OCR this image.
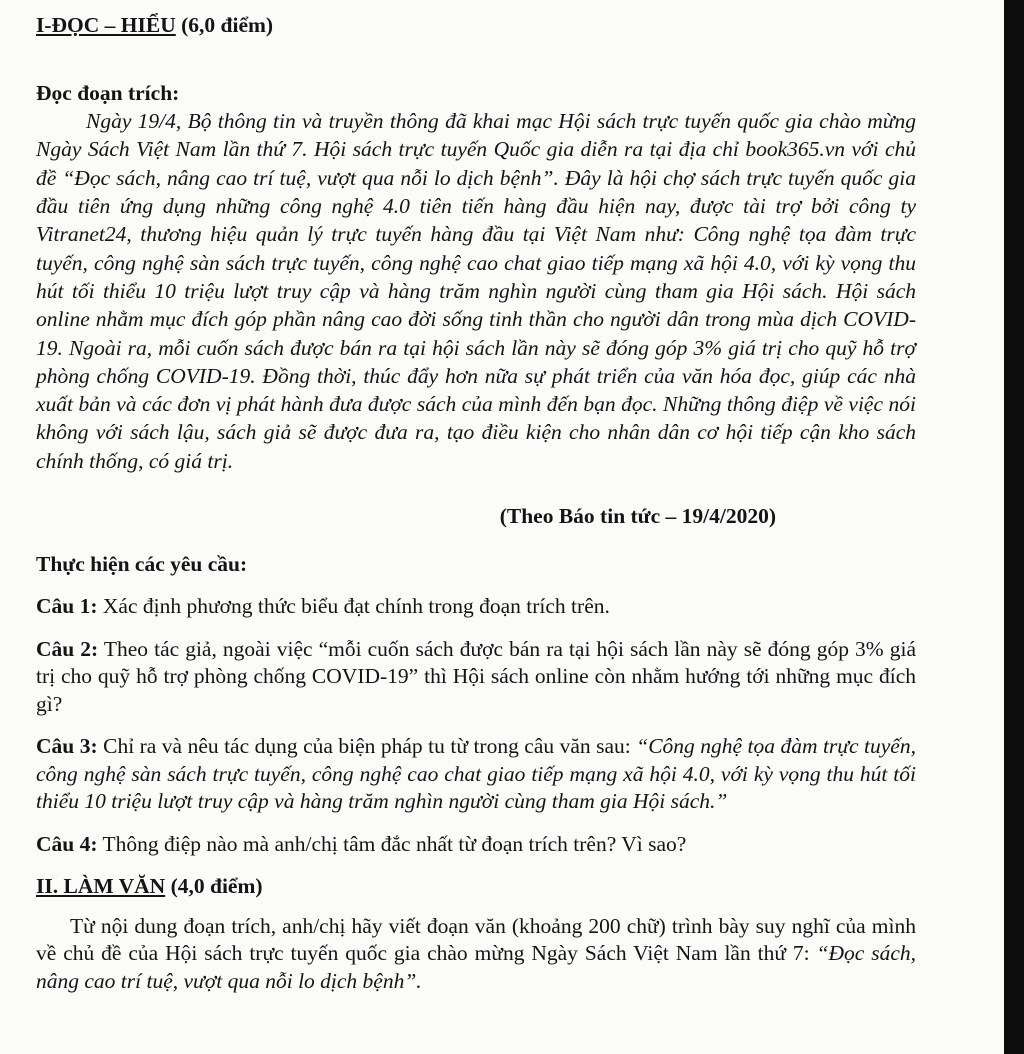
I-ĐỌC – HIỂU (6,0 điểm)

Đọc đoạn trích:

Ngày 19/4, Bộ thông tin và truyền thông đã khai mạc Hội sách trực tuyến quốc gia chào mừng Ngày Sách Việt Nam lần thứ 7. Hội sách trực tuyến Quốc gia diễn ra tại địa chỉ book365.vn với chủ đề “Đọc sách, nâng cao trí tuệ, vượt qua nỗi lo dịch bệnh”. Đây là hội chợ sách trực tuyến quốc gia đầu tiên ứng dụng những công nghệ 4.0 tiên tiến hàng đầu hiện nay, được tài trợ bởi công ty Vitranet24, thương hiệu quản lý trực tuyến hàng đầu tại Việt Nam như: Công nghệ tọa đàm trực tuyến, công nghệ sàn sách trực tuyến, công nghệ cao chat giao tiếp mạng xã hội 4.0, với kỳ vọng thu hút tối thiểu 10 triệu lượt truy cập và hàng trăm nghìn người cùng tham gia Hội sách. Hội sách online nhằm mục đích góp phần nâng cao đời sống tinh thần cho người dân trong mùa dịch COVID-19. Ngoài ra, mỗi cuốn sách được bán ra tại hội sách lần này sẽ đóng góp 3% giá trị cho quỹ hỗ trợ phòng chống COVID-19. Đồng thời, thúc đẩy hơn nữa sự phát triển của văn hóa đọc, giúp các nhà xuất bản và các đơn vị phát hành đưa được sách của mình đến bạn đọc. Những thông điệp về việc nói không với sách lậu, sách giả sẽ được đưa ra, tạo điều kiện cho nhân dân cơ hội tiếp cận kho sách chính thống, có giá trị.

(Theo Báo tin tức – 19/4/2020)

Thực hiện các yêu cầu:

Câu 1: Xác định phương thức biểu đạt chính trong đoạn trích trên.

Câu 2: Theo tác giả, ngoài việc “mỗi cuốn sách được bán ra tại hội sách lần này sẽ đóng góp 3% giá trị cho quỹ hỗ trợ phòng chống COVID-19” thì Hội sách online còn nhằm hướng tới những mục đích gì?

Câu 3: Chỉ ra và nêu tác dụng của biện pháp tu từ trong câu văn sau: “Công nghệ tọa đàm trực tuyến, công nghệ sàn sách trực tuyến, công nghệ cao chat giao tiếp mạng xã hội 4.0, với kỳ vọng thu hút tối thiểu 10 triệu lượt truy cập và hàng trăm nghìn người cùng tham gia Hội sách.”

Câu 4: Thông điệp nào mà anh/chị tâm đắc nhất từ đoạn trích trên? Vì sao?

II. LÀM VĂN (4,0 điểm)

Từ nội dung đoạn trích, anh/chị hãy viết đoạn văn (khoảng 200 chữ) trình bày suy nghĩ của mình về chủ đề của Hội sách trực tuyến quốc gia chào mừng Ngày Sách Việt Nam lần thứ 7: “Đọc sách, nâng cao trí tuệ, vượt qua nỗi lo dịch bệnh”.
